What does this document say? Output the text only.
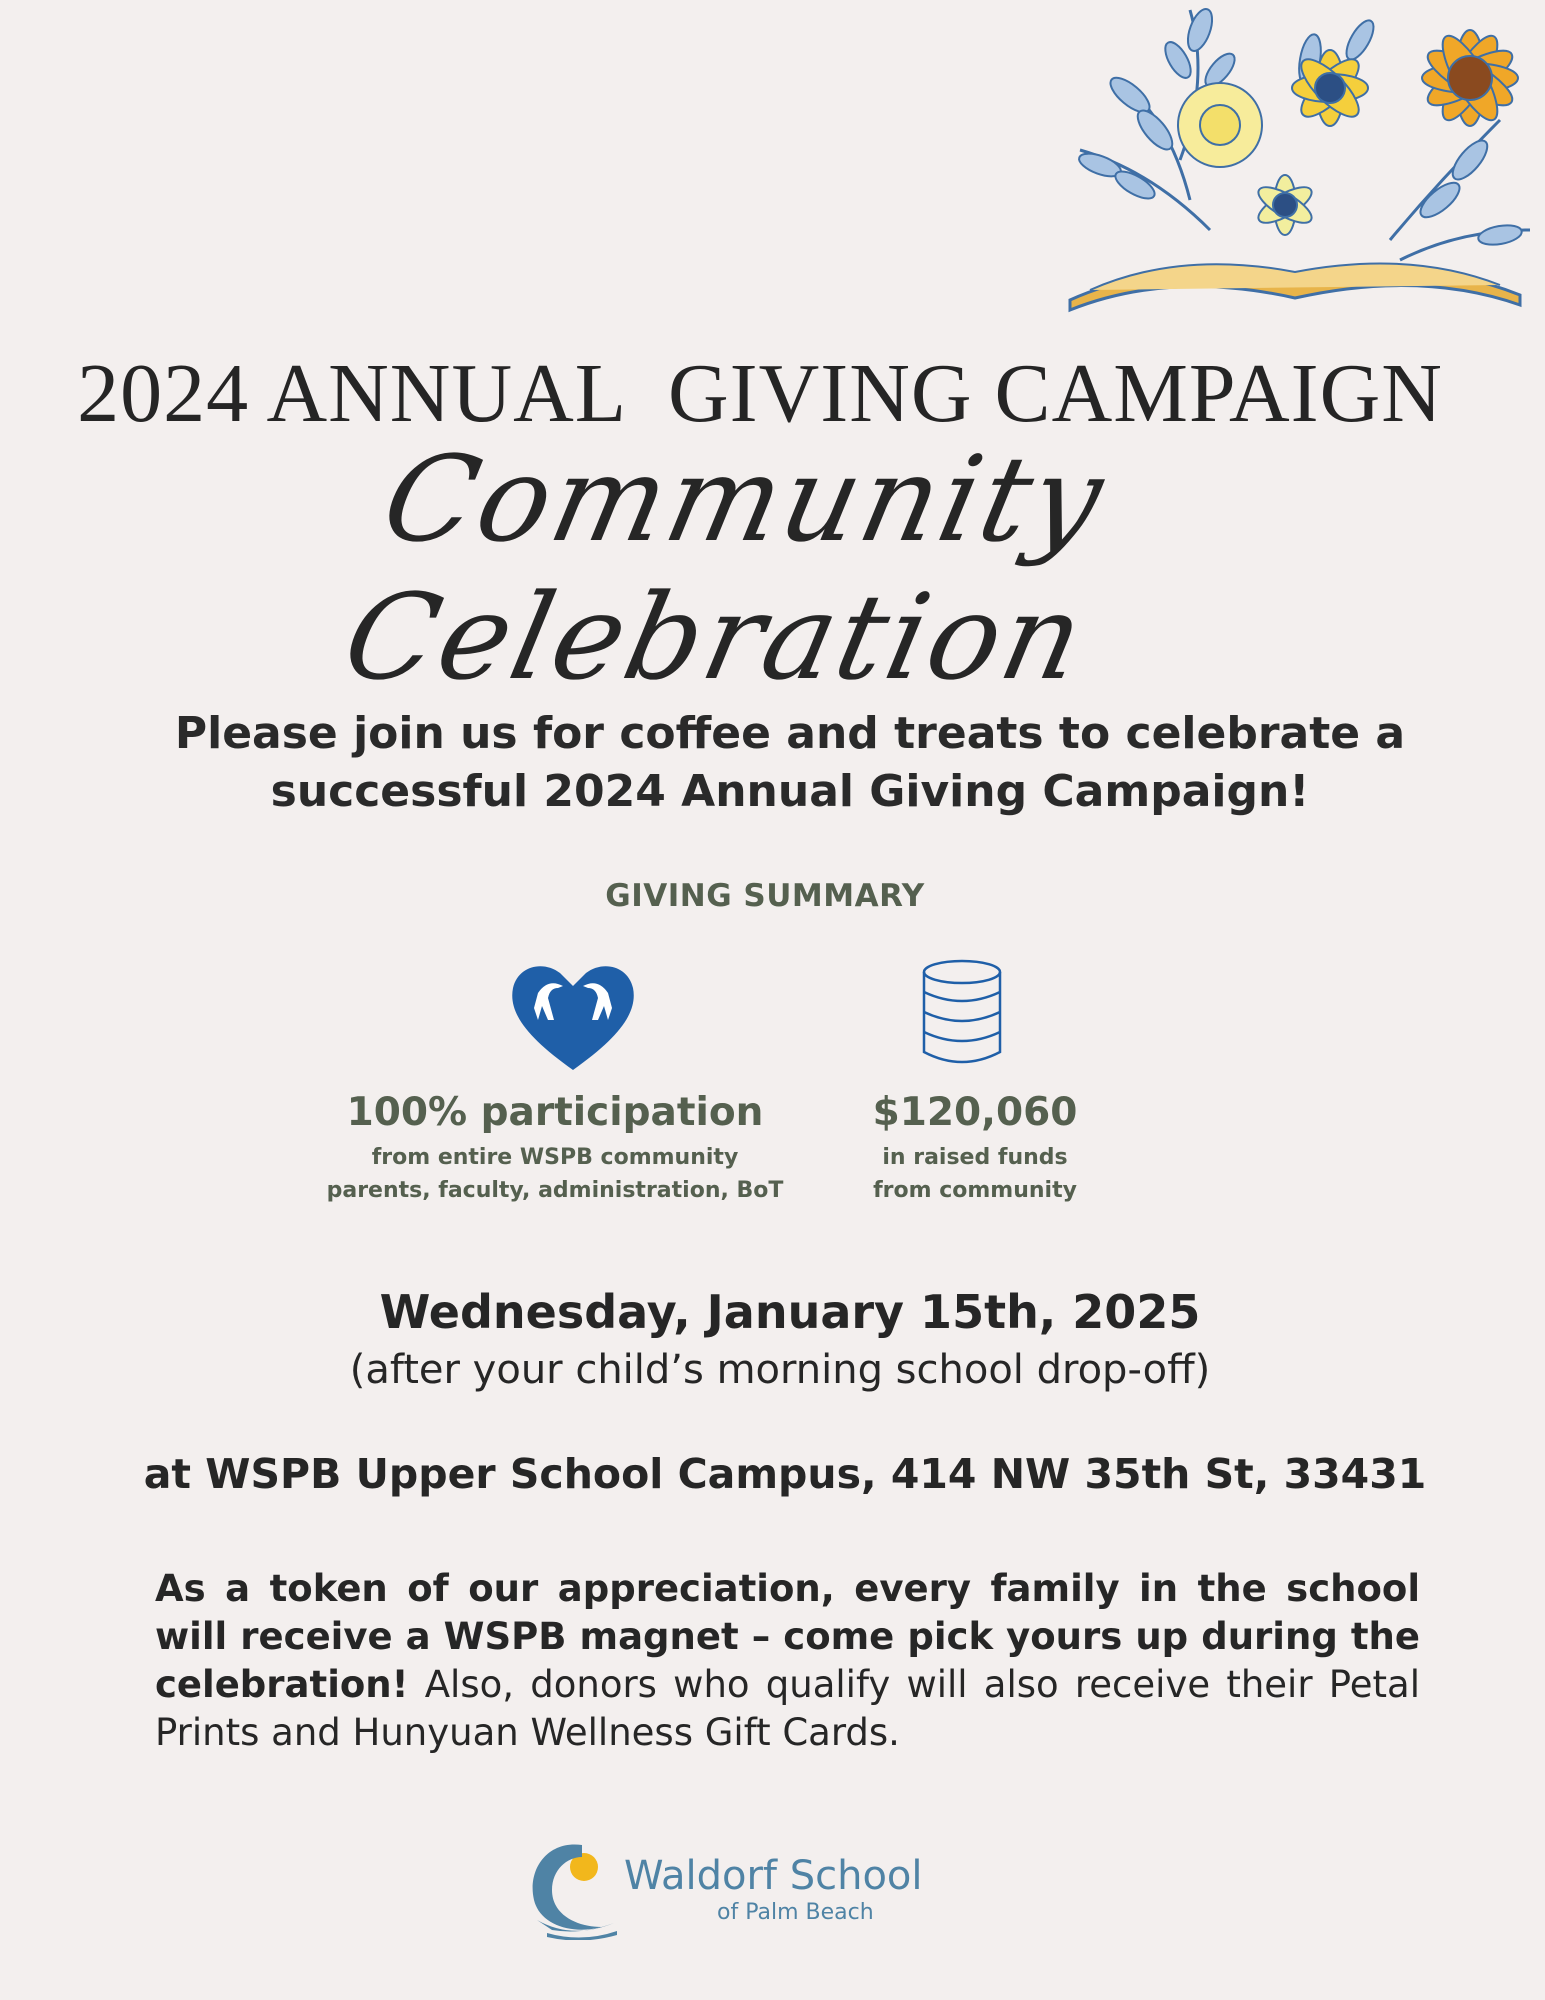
2024 ANNUAL  GIVING CAMPAIGN
Community Celebration
Please join us for coffee and treats to celebrate a
successful 2024 Annual Giving Campaign!
GIVING SUMMARY
100% participation
from entire WSPB community
parents, faculty, administration, BoT
$120,060
in raised funds
from community
Wednesday, January 15th, 2025
(after your child’s morning school drop-off)
at WSPB Upper School Campus, 414 NW 35th St, 33431
As a token of our appreciation, every family in the school will receive a WSPB magnet – come pick yours up during the celebration! Also, donors who qualify will also receive their Petal Prints and Hunyuan Wellness Gift Cards.
Waldorf School
of Palm Beach
